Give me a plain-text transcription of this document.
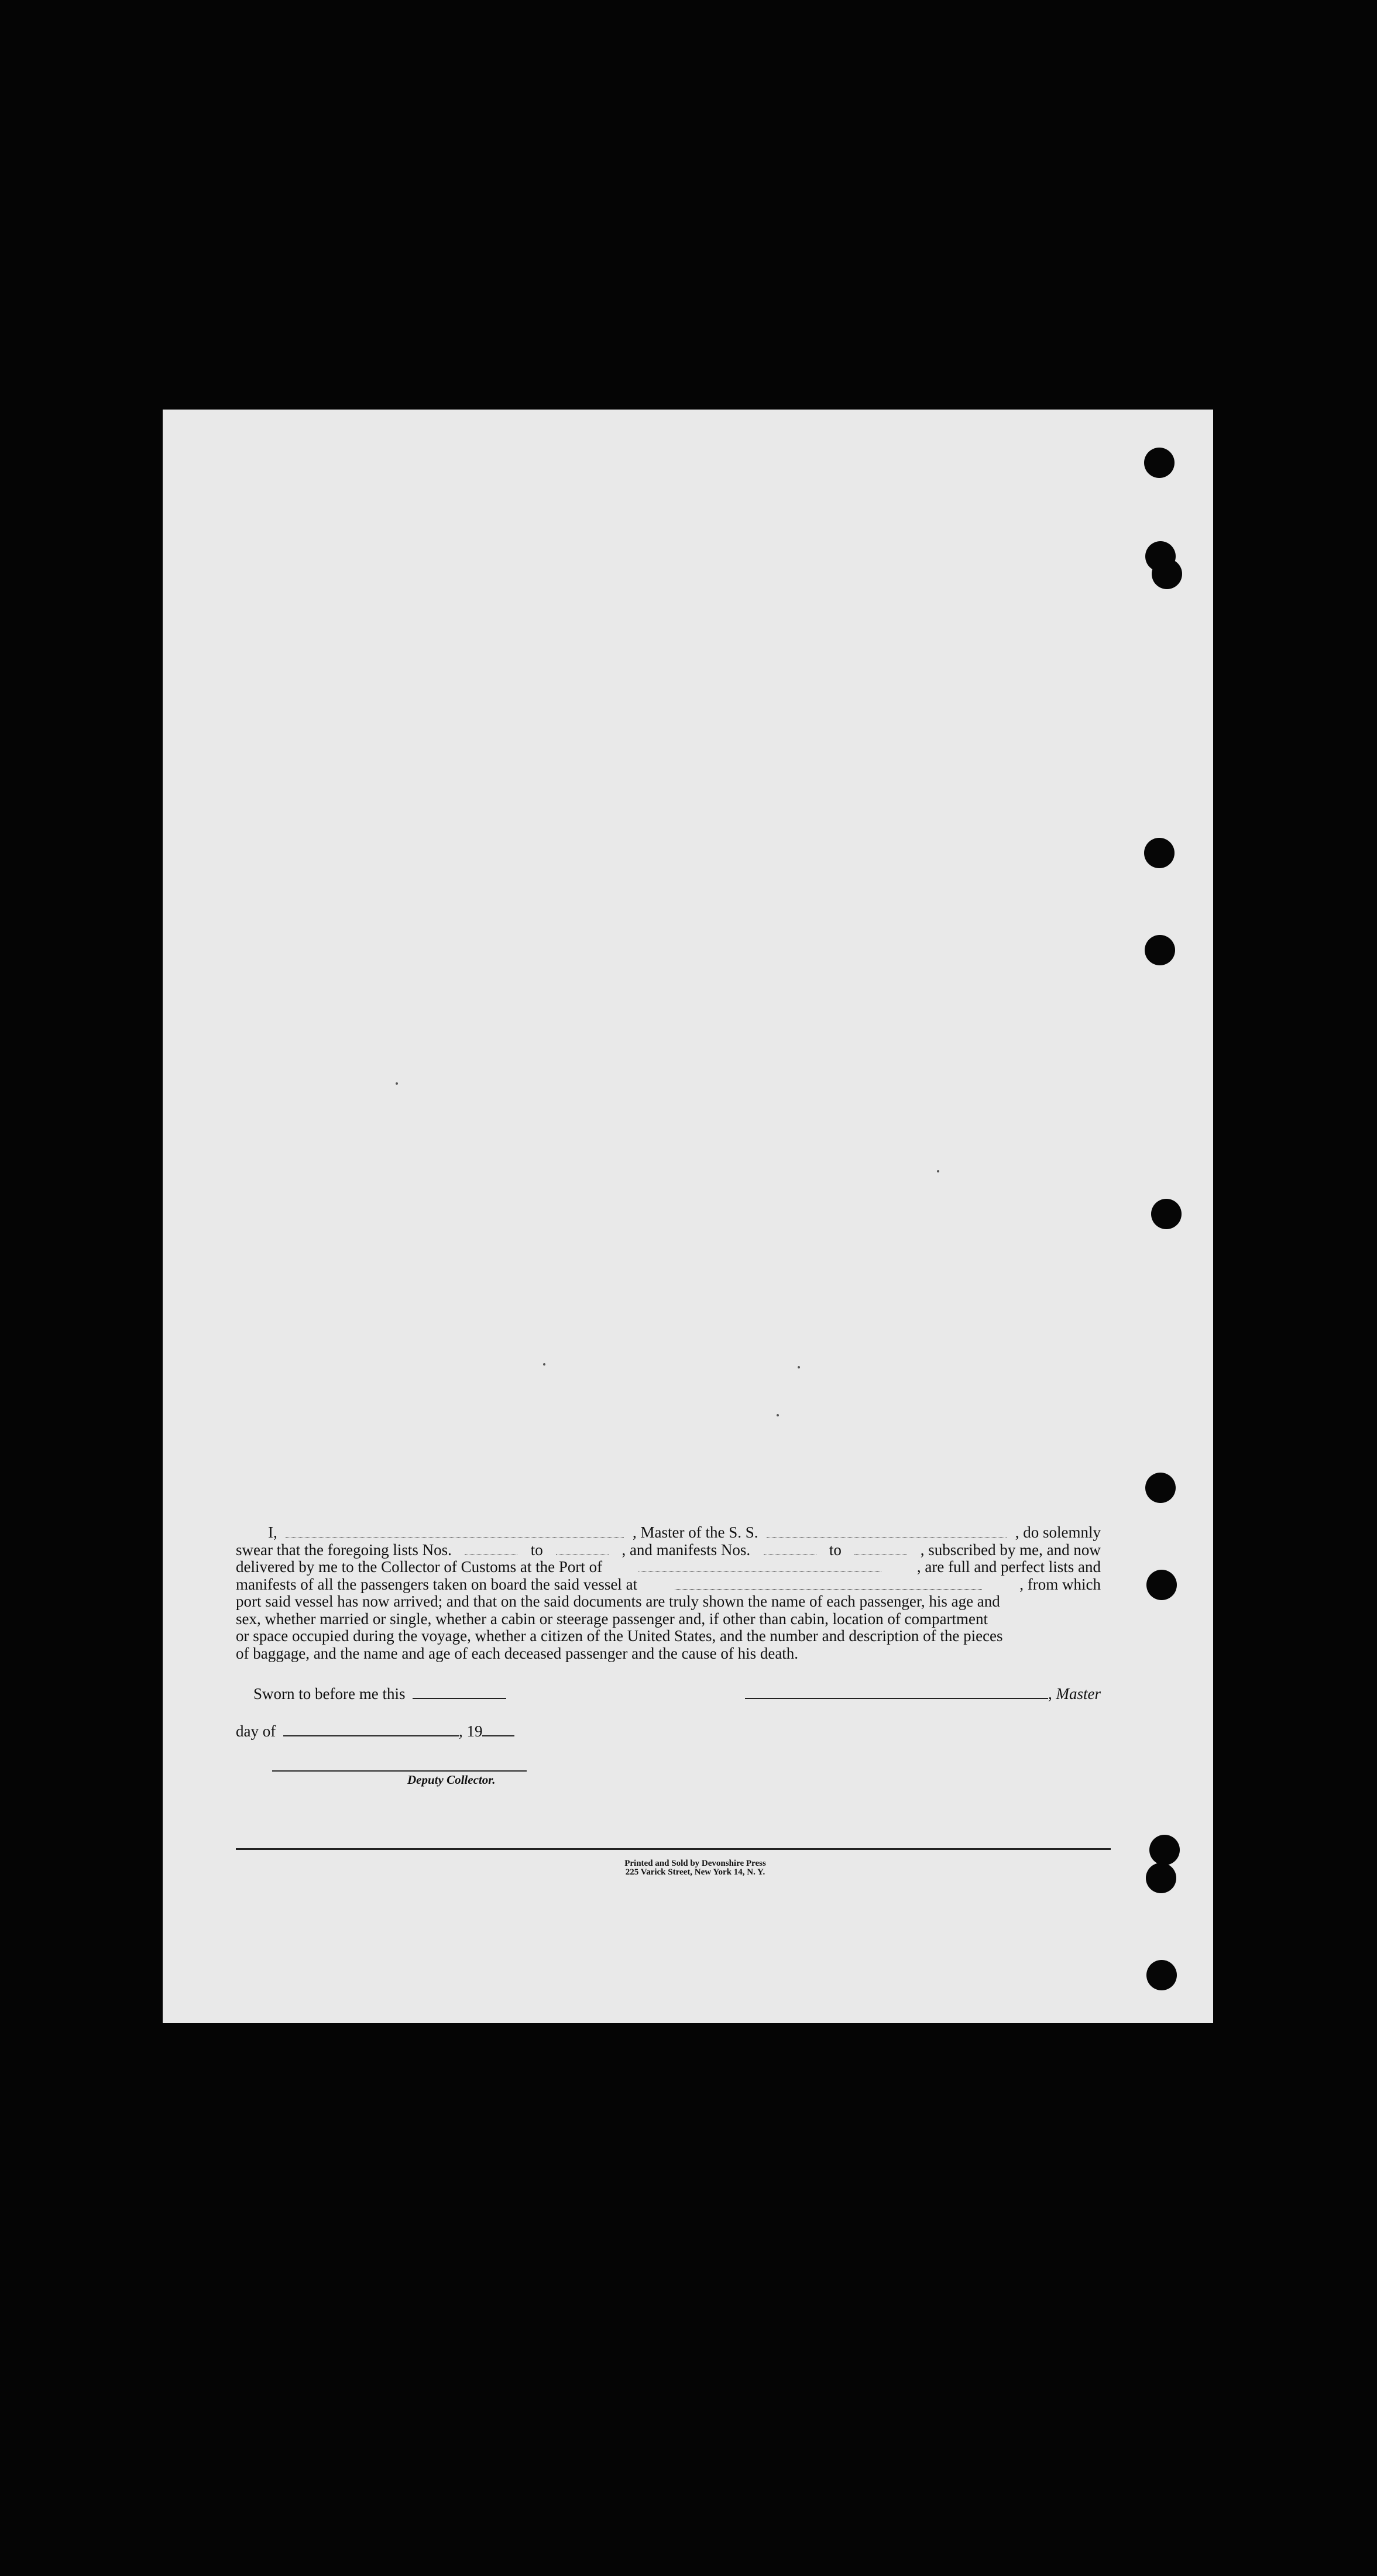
I,	, Master of the S. S.	, do solemnly
swear that the foregoing lists Nos.	to	, and manifests Nos.	to	, subscribed by me, and now
delivered by me to the Collector of Customs at the Port of	, are full and perfect lists and
manifests of all the passengers taken on board the said vessel at	, from which
port said vessel has now arrived; and that on the said documents are truly shown the name of each passenger, his age and
sex, whether married or single, whether a cabin or steerage passenger and, if other than cabin, location of compartment
or space occupied during the voyage, whether a citizen of the United States, and the number and description of the pieces
of baggage, and the name and age of each deceased passenger and the cause of his death.
Sworn to before me this	, Master
day of	, 19
Deputy Collector.
Printed and Sold by Devonshire Press
225 Varick Street, New York 14, N. Y.
